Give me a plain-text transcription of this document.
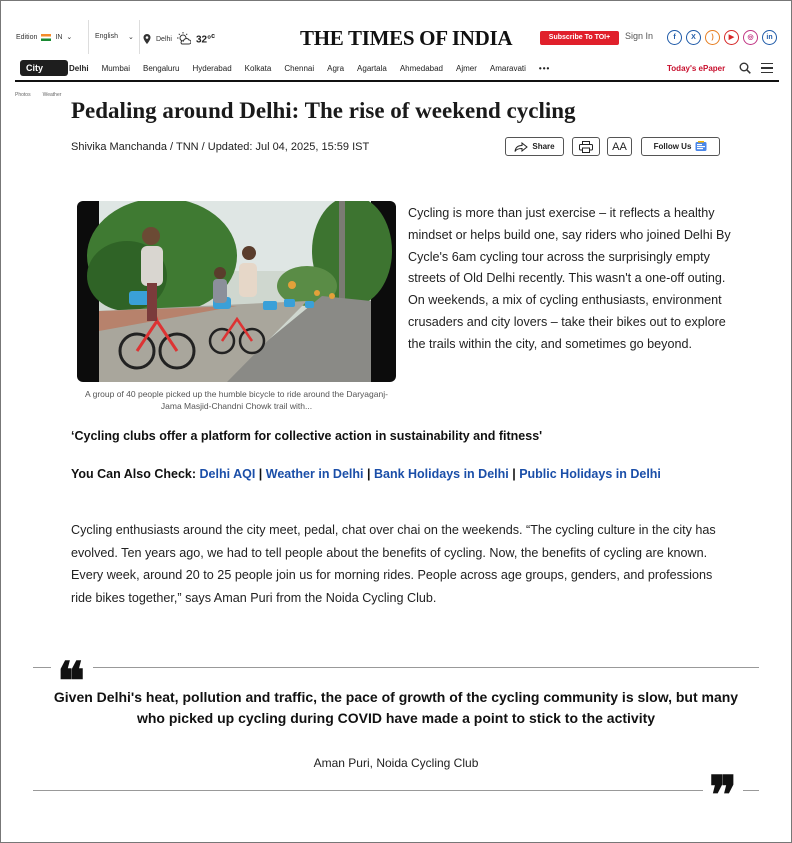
Edition	IN ⌄	English ⌄	Delhi 32°$^c$	THE TIMES OF INDIA	Subscribe To TOI+	Sign In	f	X	)	▶	◎	in
City	Delhi Mumbai Bengaluru Hyderabad Kolkata Chennai Agra Agartala Ahmedabad Ajmer Amaravati •••	Today's ePaper
Photos Weather
Pedaling around Delhi: The rise of weekend cycling
Shivika Manchanda / TNN / Updated: Jul 04, 2025, 15:59 IST	Share	AA	Follow Us
A group of 40 people picked up the humble bicycle to ride around the Daryaganj-Jama Masjid-Chandni Chowk trail with...

Cycling is more than just exercise – it reflects a healthy mindset or helps build one, say riders who joined Delhi By Cycle's 6am cycling tour across the surprisingly empty streets of Old Delhi recently. This wasn't a one-off outing. On weekends, a mix of cycling enthusiasts, environment crusaders and city lovers – take their bikes out to explore the trails within the city, and sometimes go beyond.

‘Cycling clubs offer a platform for collective action in sustainability and fitness'
You Can Also Check: Delhi AQI | Weather in Delhi | Bank Holidays in Delhi | Public Holidays in Delhi

Cycling enthusiasts around the city meet, pedal, chat over chai on the weekends. “The cycling culture in the city has evolved. Ten years ago, we had to tell people about the benefits of cycling. Now, the benefits of cycling are known. Every week, around 20 to 25 people join us for morning rides. People across age groups, genders, and professions ride bikes together,” says Aman Puri from the Noida Cycling Club.

❝
Given Delhi's heat, pollution and traffic, the pace of growth of the cycling community is slow, but many who picked up cycling during COVID have made a point to stick to the activity
Aman Puri, Noida Cycling Club
❞
